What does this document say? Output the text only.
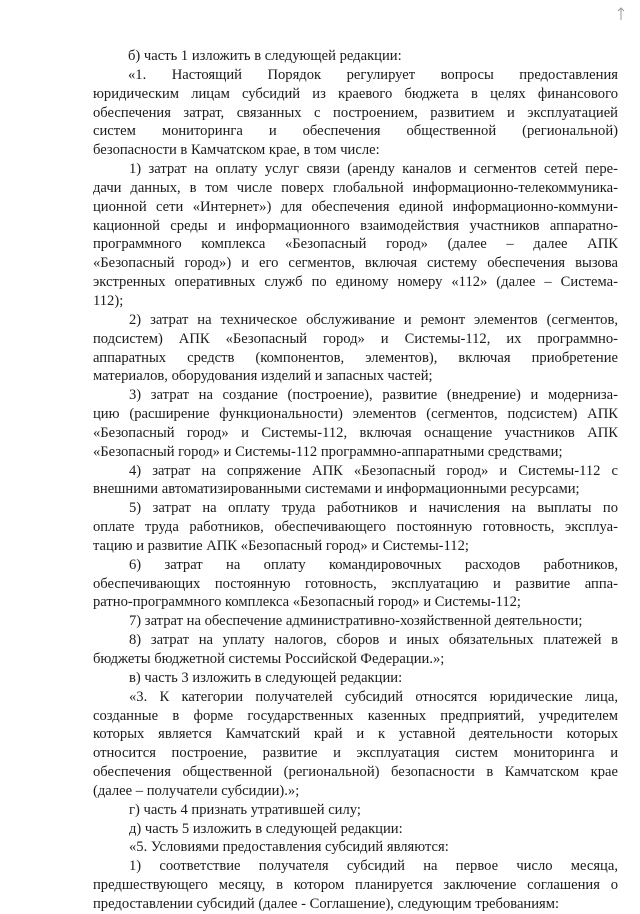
б) часть 1 изложить в следующей редакции:
«1. Настоящий Порядок регулирует вопросы предоставления
юридическим лицам субсидий из краевого бюджета в целях финансового
обеспечения затрат, связанных с построением, развитием и эксплуатацией
систем мониторинга и обеспечения общественной (региональной)
безопасности в Камчатском крае, в том числе:
1) затрат на оплату услуг связи (аренду каналов и сегментов сетей пере-
дачи данных, в том числе поверх глобальной информационно-телекоммуника-
ционной сети «Интернет») для обеспечения единой информационно-коммуни-
кационной среды и информационного взаимодействия участников аппаратно-
программного комплекса «Безопасный город» (далее – далее АПК
«Безопасный город») и его сегментов, включая систему обеспечения вызова
экстренных оперативных служб по единому номеру «112» (далее – Система-
112);
2) затрат на техническое обслуживание и ремонт элементов (сегментов,
подсистем) АПК «Безопасный город» и Системы-112, их программно-
аппаратных средств (компонентов, элементов), включая приобретение
материалов, оборудования изделий и запасных частей;
3) затрат на создание (построение), развитие (внедрение) и модерниза-
цию (расширение функциональности) элементов (сегментов, подсистем) АПК
«Безопасный город» и Системы-112, включая оснащение участников АПК
«Безопасный город» и Системы-112 программно-аппаратными средствами;
4) затрат на сопряжение АПК «Безопасный город» и Системы-112 с
внешними автоматизированными системами и информационными ресурсами;
5) затрат на оплату труда работников и начисления на выплаты по
оплате труда работников, обеспечивающего постоянную готовность, эксплуа-
тацию и развитие АПК «Безопасный город» и Системы-112;
6) затрат на оплату командировочных расходов работников,
обеспечивающих постоянную готовность, эксплуатацию и развитие аппа-
ратно-программного комплекса «Безопасный город» и Системы-112;
7) затрат на обеспечение административно-хозяйственной деятельности;
8) затрат на уплату налогов, сборов и иных обязательных платежей в
бюджеты бюджетной системы Российской Федерации.»;
в) часть 3 изложить в следующей редакции:
«3. К категории получателей субсидий относятся юридические лица,
созданные в форме государственных казенных предприятий, учредителем
которых является Камчатский край и к уставной деятельности которых
относится построение, развитие и эксплуатация систем мониторинга и
обеспечения общественной (региональной) безопасности в Камчатском крае
(далее – получатели субсидии).»;
г) часть 4 признать утратившей силу;
д) часть 5 изложить в следующей редакции:
«5. Условиями предоставления субсидий являются:
1) соответствие получателя субсидий на первое число месяца,
предшествующего месяцу, в котором планируется заключение соглашения о
предоставлении субсидий (далее - Соглашение), следующим требованиям:
